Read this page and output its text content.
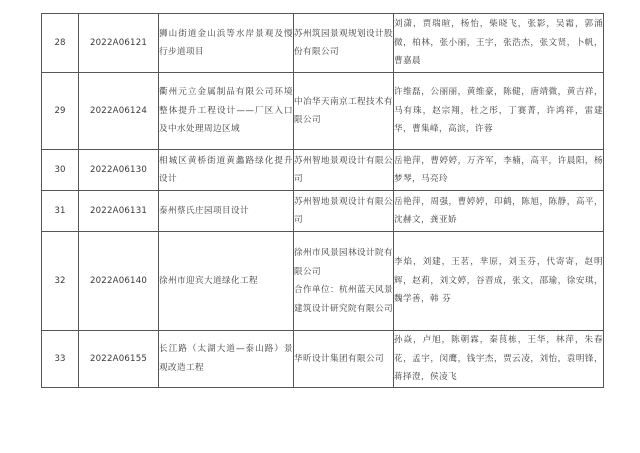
28	2022A06121	狮山街道金山浜等水岸景观及慢行步道项目	苏州筑园景观规划设计股份有限公司	刘潇，贾瑞暄，杨怡，柴晓飞，张影，吴霜，郭涌微，柏林，张小丽，王宇，张浩杰，张文贤，卜帆，曹嘉晨

29	2022A06124	衢州元立金属制品有限公司环境整体提升工程设计——厂区入口及中水处理周边区域	中冶华天南京工程技术有限公司	许维磊，公丽丽，黄维豪，陈健，唐靖微，黄吉祥，马有珠，赵宗翔，杜之彤，丁赛菁，许鸿祥，雷建华，曹集峰，高滨，许蓉

30	2022A06130	相城区黄桥街道黄蠡路绿化提升设计	苏州智地景观设计有限公司	岳艳萍，曹婷婷，万齐军，李楠，高平，许晨阳，杨梦琴，马亮玲

31	2022A06131	泰州蔡氏庄园项目设计	苏州智地景观设计有限公司	岳艳萍，周强，曹婷婷，印鹤，陈旭，陈静，高平，沈赫文，龚亚娇

32	2022A06140	徐州市迎宾大道绿化工程	徐州市风景园林设计院有限公司
合作单位：杭州蓝天风景建筑设计研究院有限公司	李焰，刘建，王茗，芈原，刘玉芬，代寄寄，赵明辉，赵莉，刘文婷，谷晋成，张文，邵瑜，徐安琪，魏学善，韩 芬

33	2022A06155	长江路（太湖大道—泰山路）景观改造工程	华昕设计集团有限公司	孙焱，卢旭，陈朝霖，秦茛栋，王华，林萍，朱春花，孟宇，闵鹰，钱宇杰，贾云凌，刘怡，袁明锋，蒋择澄，侯凌飞
